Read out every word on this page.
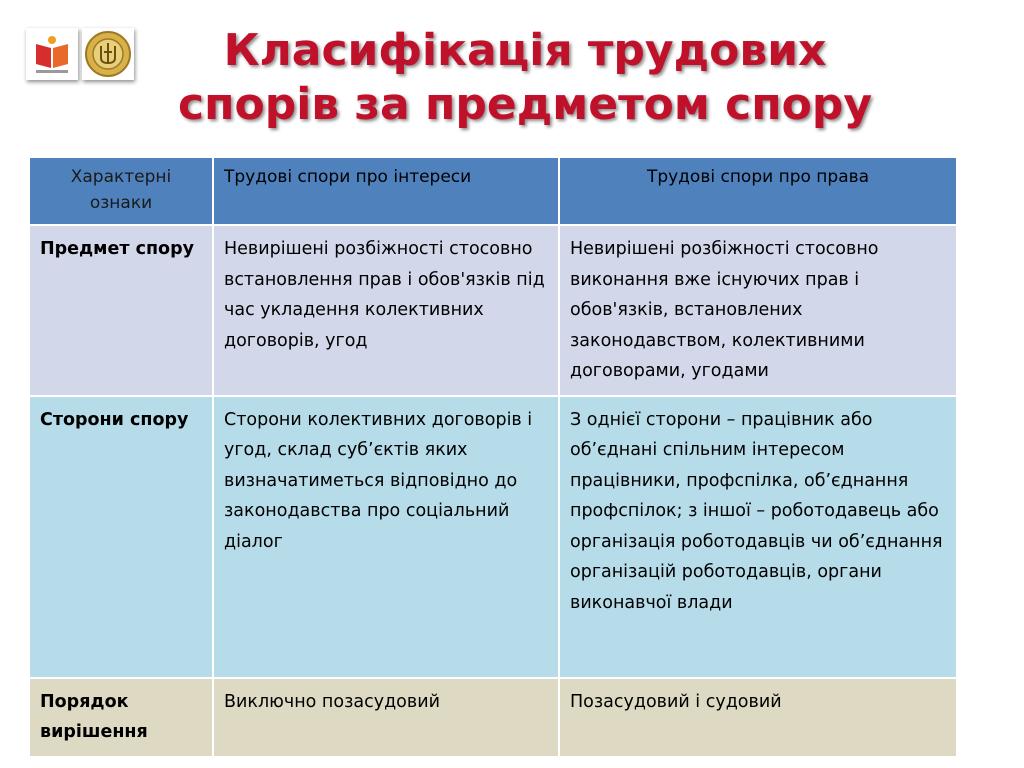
Класифікація трудових
спорів за предметом спору
Характерні ознаки	Трудові спори про інтереси	Трудові спори про права
Предмет спору	Невирішені розбіжності стосовно встановлення прав і обов'язків під час укладення колективних договорів, угод	Невирішені розбіжності стосовно виконання вже існуючих прав і обов'язків, встановлених законодавством, колективними договорами, угодами
Сторони спору	Сторони колективних договорів і угод, склад суб’єктів яких визначатиметься відповідно до законодавства про соціальний діалог	З однієї сторони – працівник або об’єднані спільним інтересом працівники, профспілка, об’єднання профспілок; з іншої – роботодавець або організація роботодавців чи об’єднання організацій роботодавців, органи виконавчої влади
Порядок вирішення	Виключно позасудовий	Позасудовий і судовий
